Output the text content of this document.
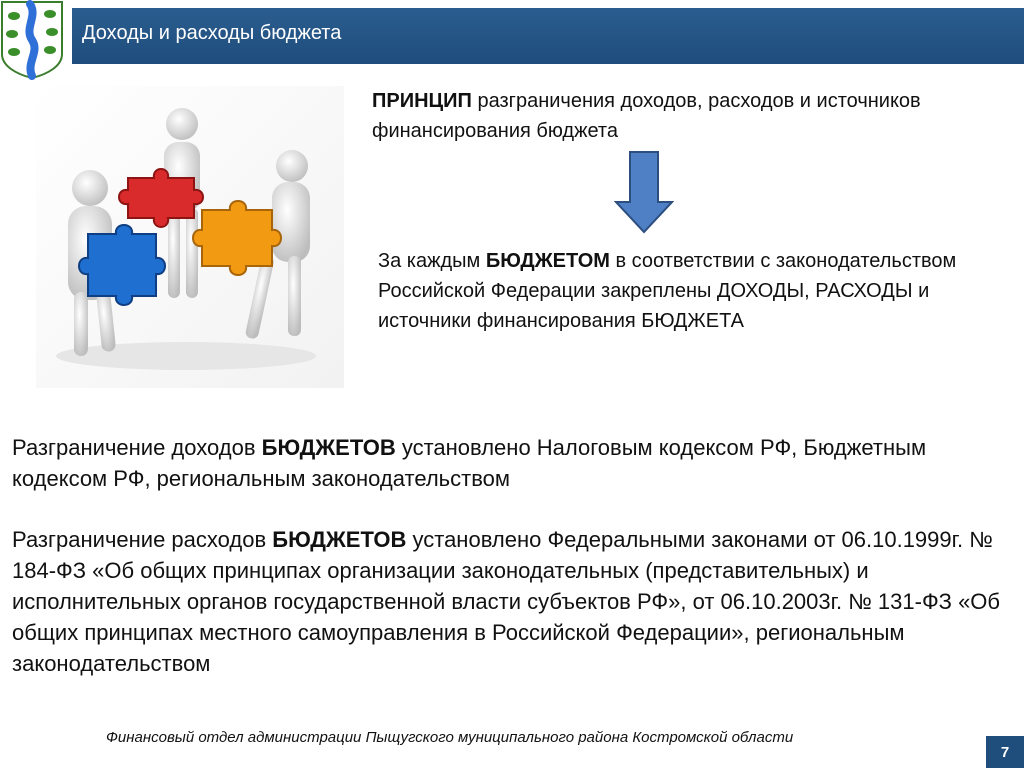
Доходы и расходы бюджета
ПРИНЦИП разграничения доходов, расходов и источников финансирования бюджета
За каждым БЮДЖЕТОМ в соответствии с законодательством Российской Федерации закреплены ДОХОДЫ, РАСХОДЫ и источники финансирования БЮДЖЕТА
Разграничение доходов БЮДЖЕТОВ установлено Налоговым кодексом РФ, Бюджетным кодексом РФ, региональным законодательством
Разграничение расходов БЮДЖЕТОВ установлено Федеральными законами от 06.10.1999г. № 184-ФЗ «Об общих принципах организации законодательных (представительных) и исполнительных органов государственной власти субъектов РФ», от 06.10.2003г. № 131-ФЗ «Об общих принципах местного самоуправления в Российской Федерации», региональным законодательством
Финансовый отдел администрации Пыщугского муниципального района Костромской области
7
